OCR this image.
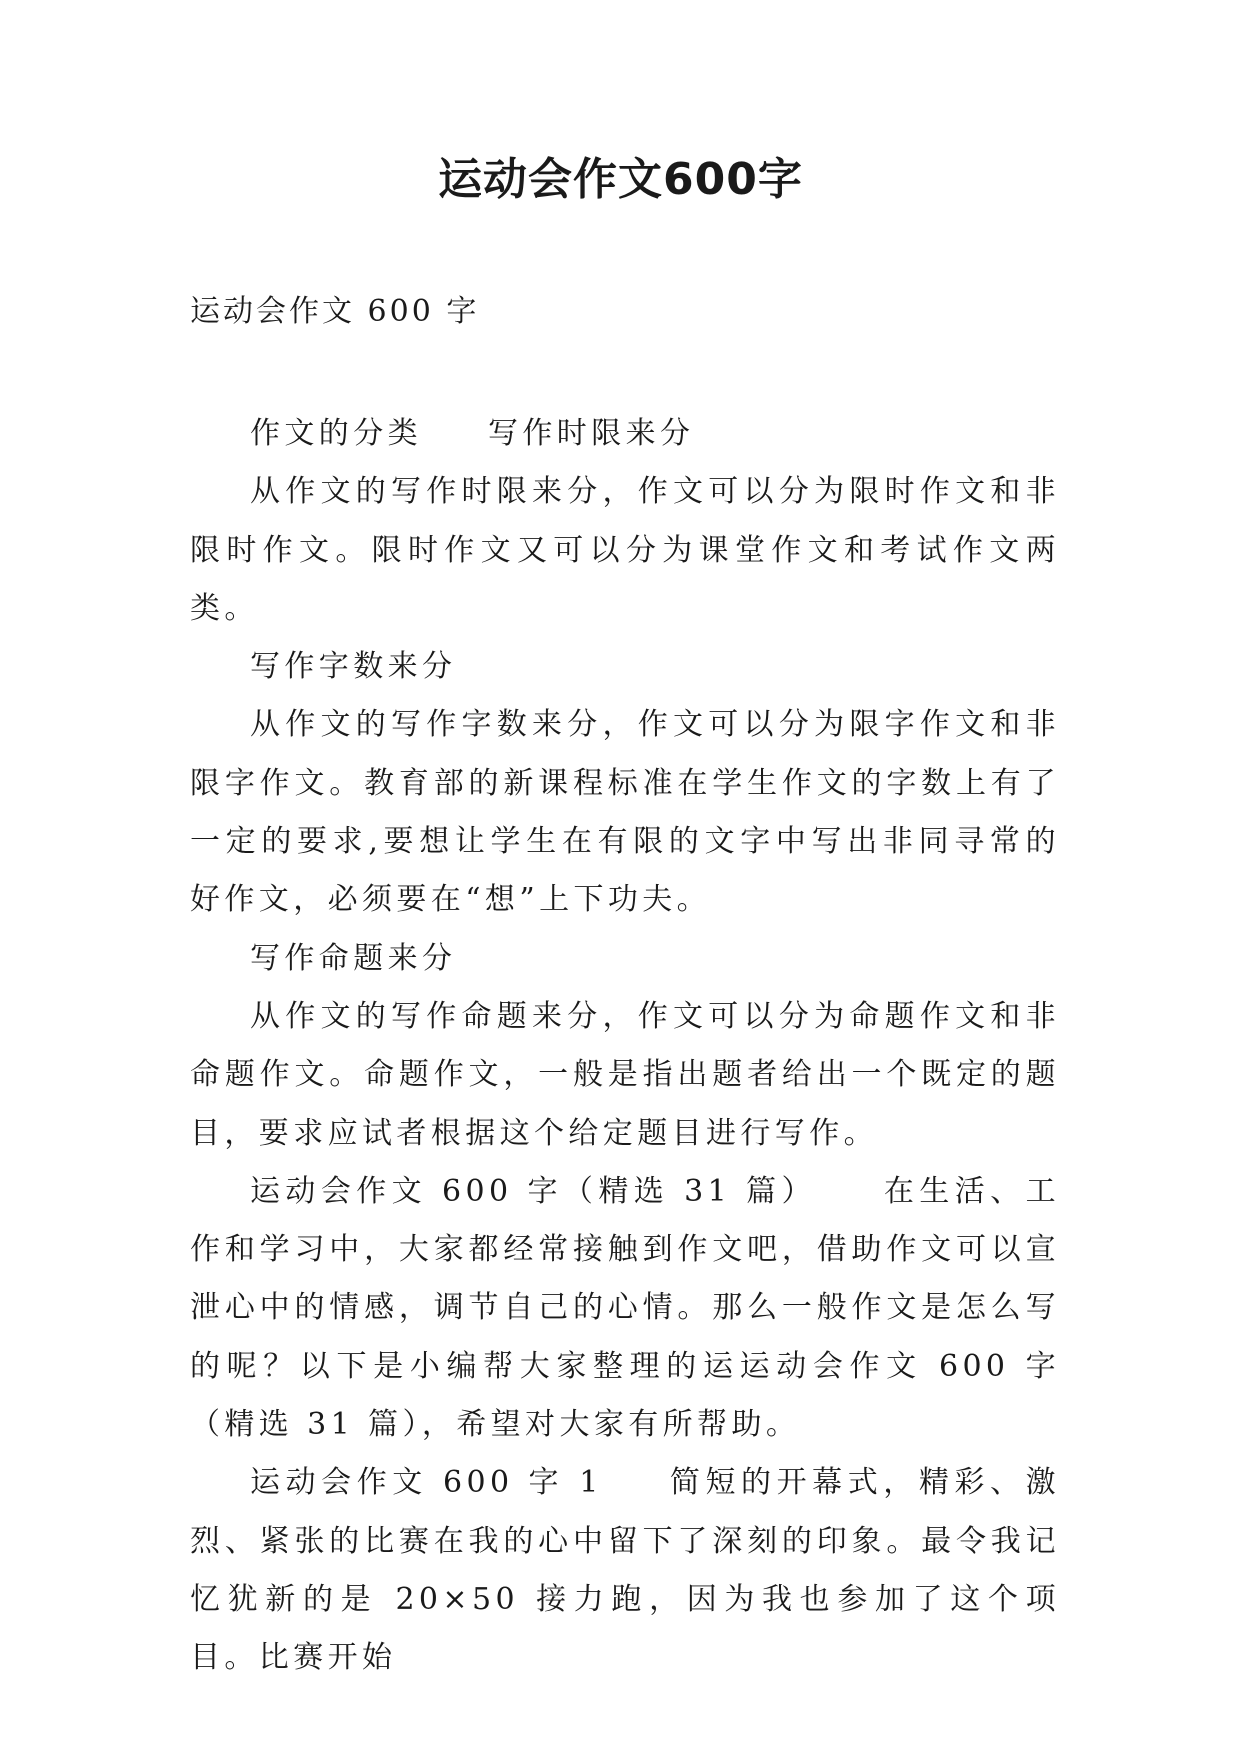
运动会作文600字
运动会作文 600 字

作文的分类 写作时限来分

从作文的写作时限来分，作文可以分为限时作文和非限时作文。限时作文又可以分为课堂作文和考试作文两类。

写作字数来分

从作文的写作字数来分，作文可以分为限字作文和非限字作文。教育部的新课程标准在学生作文的字数上有了一定的要求,要想让学生在有限的文字中写出非同寻常的好作文，必须要在“想”上下功夫。

写作命题来分

从作文的写作命题来分，作文可以分为命题作文和非命题作文。命题作文，一般是指出题者给出一个既定的题目，要求应试者根据这个给定题目进行写作。

运动会作文 600 字（精选 31 篇） 在生活、工作和学习中，大家都经常接触到作文吧，借助作文可以宣泄心中的情感，调节自己的心情。那么一般作文是怎么写的呢？以下是小编帮大家整理的运运动会作文 600 字（精选 31 篇），希望对大家有所帮助。

运动会作文 600 字 1 简短的开幕式，精彩、激烈、紧张的比赛在我的心中留下了深刻的印象。最令我记忆犹新的是 20×50 接力跑，因为我也参加了这个项目。比赛开始
